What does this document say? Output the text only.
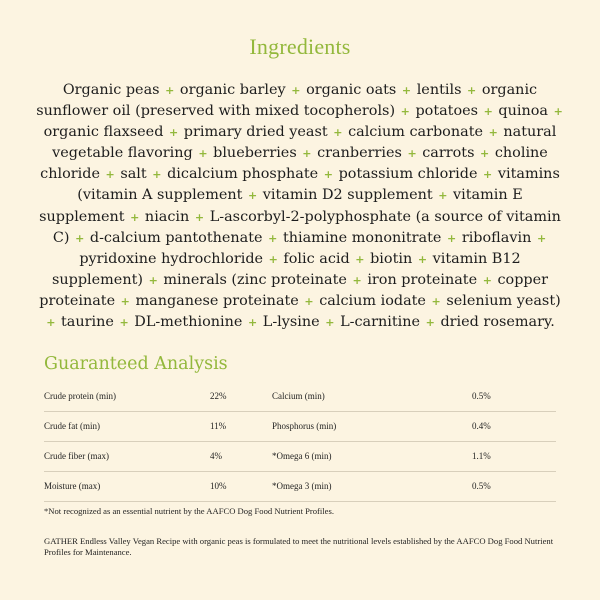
Ingredients
Organic peas + organic barley + organic oats + lentils + organic sunflower oil (preserved with mixed tocopherols) + potatoes + quinoa + organic flaxseed + primary dried yeast + calcium carbonate + natural vegetable flavoring + blueberries + cranberries + carrots + choline chloride + salt + dicalcium phosphate + potassium chloride + vitamins (vitamin A supplement + vitamin D2 supplement + vitamin E supplement + niacin + L-ascorbyl-2-polyphosphate (a source of vitamin C) + d-calcium pantothenate + thiamine mononitrate + riboflavin + pyridoxine hydrochloride + folic acid + biotin + vitamin B12 supplement) + minerals (zinc proteinate + iron proteinate + copper proteinate + manganese proteinate + calcium iodate + selenium yeast) + taurine + DL-methionine + L-lysine + L-carnitine + dried rosemary.
Guaranteed Analysis
Crude protein (min)	22%	Calcium (min)	0.5%
Crude fat (min)	11%	Phosphorus (min)	0.4%
Crude fiber (max)	4%	*Omega 6 (min)	1.1%
Moisture (max)	10%	*Omega 3 (min)	0.5%
*Not recognized as an essential nutrient by the AAFCO Dog Food Nutrient Profiles.
GATHER Endless Valley Vegan Recipe with organic peas is formulated to meet the nutritional levels established by the AAFCO Dog Food Nutrient Profiles for Maintenance.
